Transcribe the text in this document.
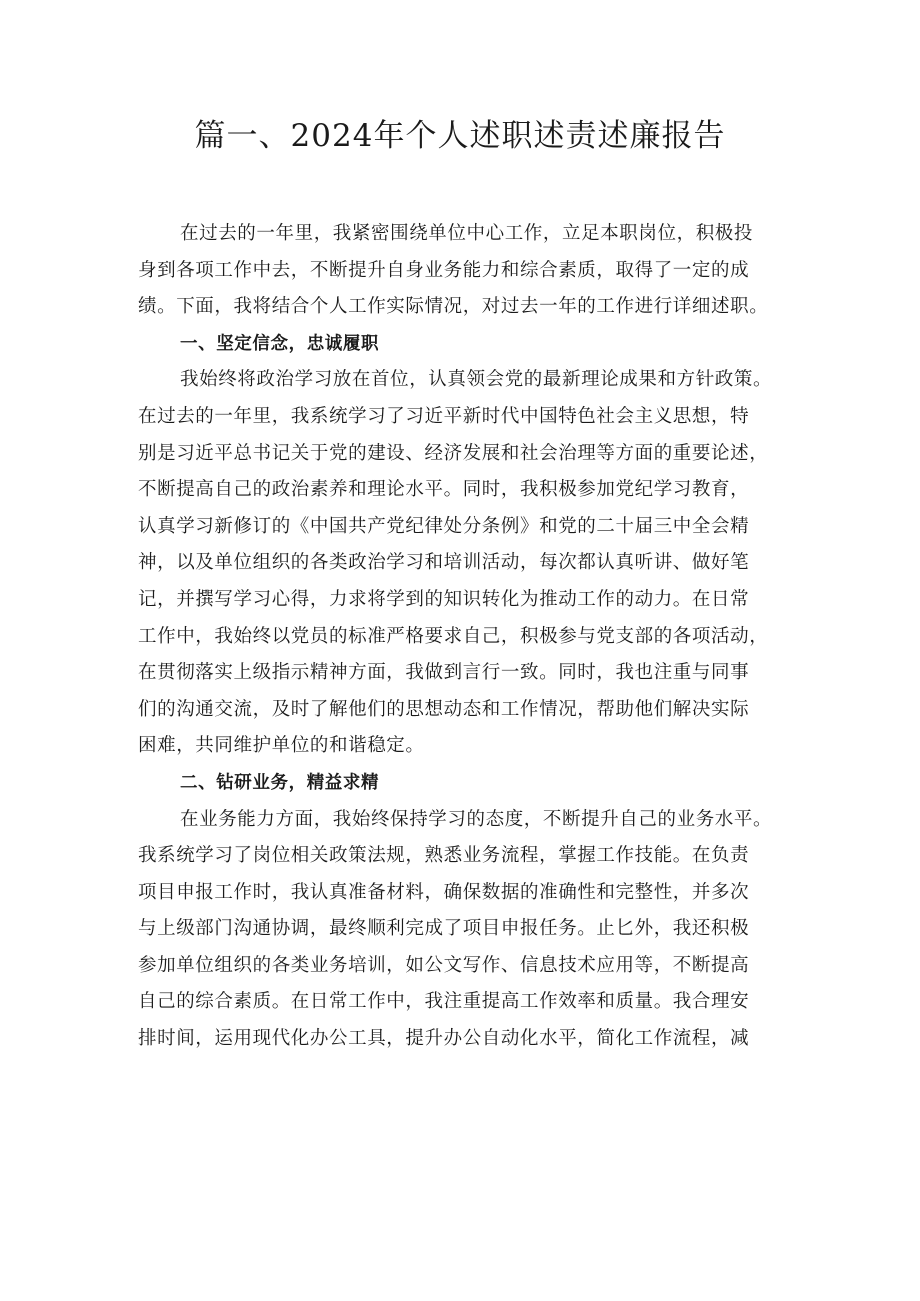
篇一、2024年个人述职述责述廉报告
在过去的一年里，我紧密围绕单位中心工作，立足本职岗位，积极投
身到各项工作中去，不断提升自身业务能力和综合素质，取得了一定的成
绩。下面，我将结合个人工作实际情况，对过去一年的工作进行详细述职。
一、坚定信念，忠诚履职
我始终将政治学习放在首位，认真领会党的最新理论成果和方针政策。
在过去的一年里，我系统学习了习近平新时代中国特色社会主义思想，特
别是习近平总书记关于党的建设、经济发展和社会治理等方面的重要论述，
不断提高自己的政治素养和理论水平。同时，我积极参加党纪学习教育，
认真学习新修订的《中国共产党纪律处分条例》和党的二十届三中全会精
神，以及单位组织的各类政治学习和培训活动，每次都认真听讲、做好笔
记，并撰写学习心得，力求将学到的知识转化为推动工作的动力。在日常
工作中，我始终以党员的标准严格要求自己，积极参与党支部的各项活动，
在贯彻落实上级指示精神方面，我做到言行一致。同时，我也注重与同事
们的沟通交流，及时了解他们的思想动态和工作情况，帮助他们解决实际
困难，共同维护单位的和谐稳定。
二、钻研业务，精益求精
在业务能力方面，我始终保持学习的态度，不断提升自己的业务水平。
我系统学习了岗位相关政策法规，熟悉业务流程，掌握工作技能。在负责
项目申报工作时，我认真准备材料，确保数据的准确性和完整性，并多次
与上级部门沟通协调，最终顺利完成了项目申报任务。止匕外，我还积极
参加单位组织的各类业务培训，如公文写作、信息技术应用等，不断提高
自己的综合素质。在日常工作中，我注重提高工作效率和质量。我合理安
排时间，运用现代化办公工具，提升办公自动化水平，简化工作流程，减
